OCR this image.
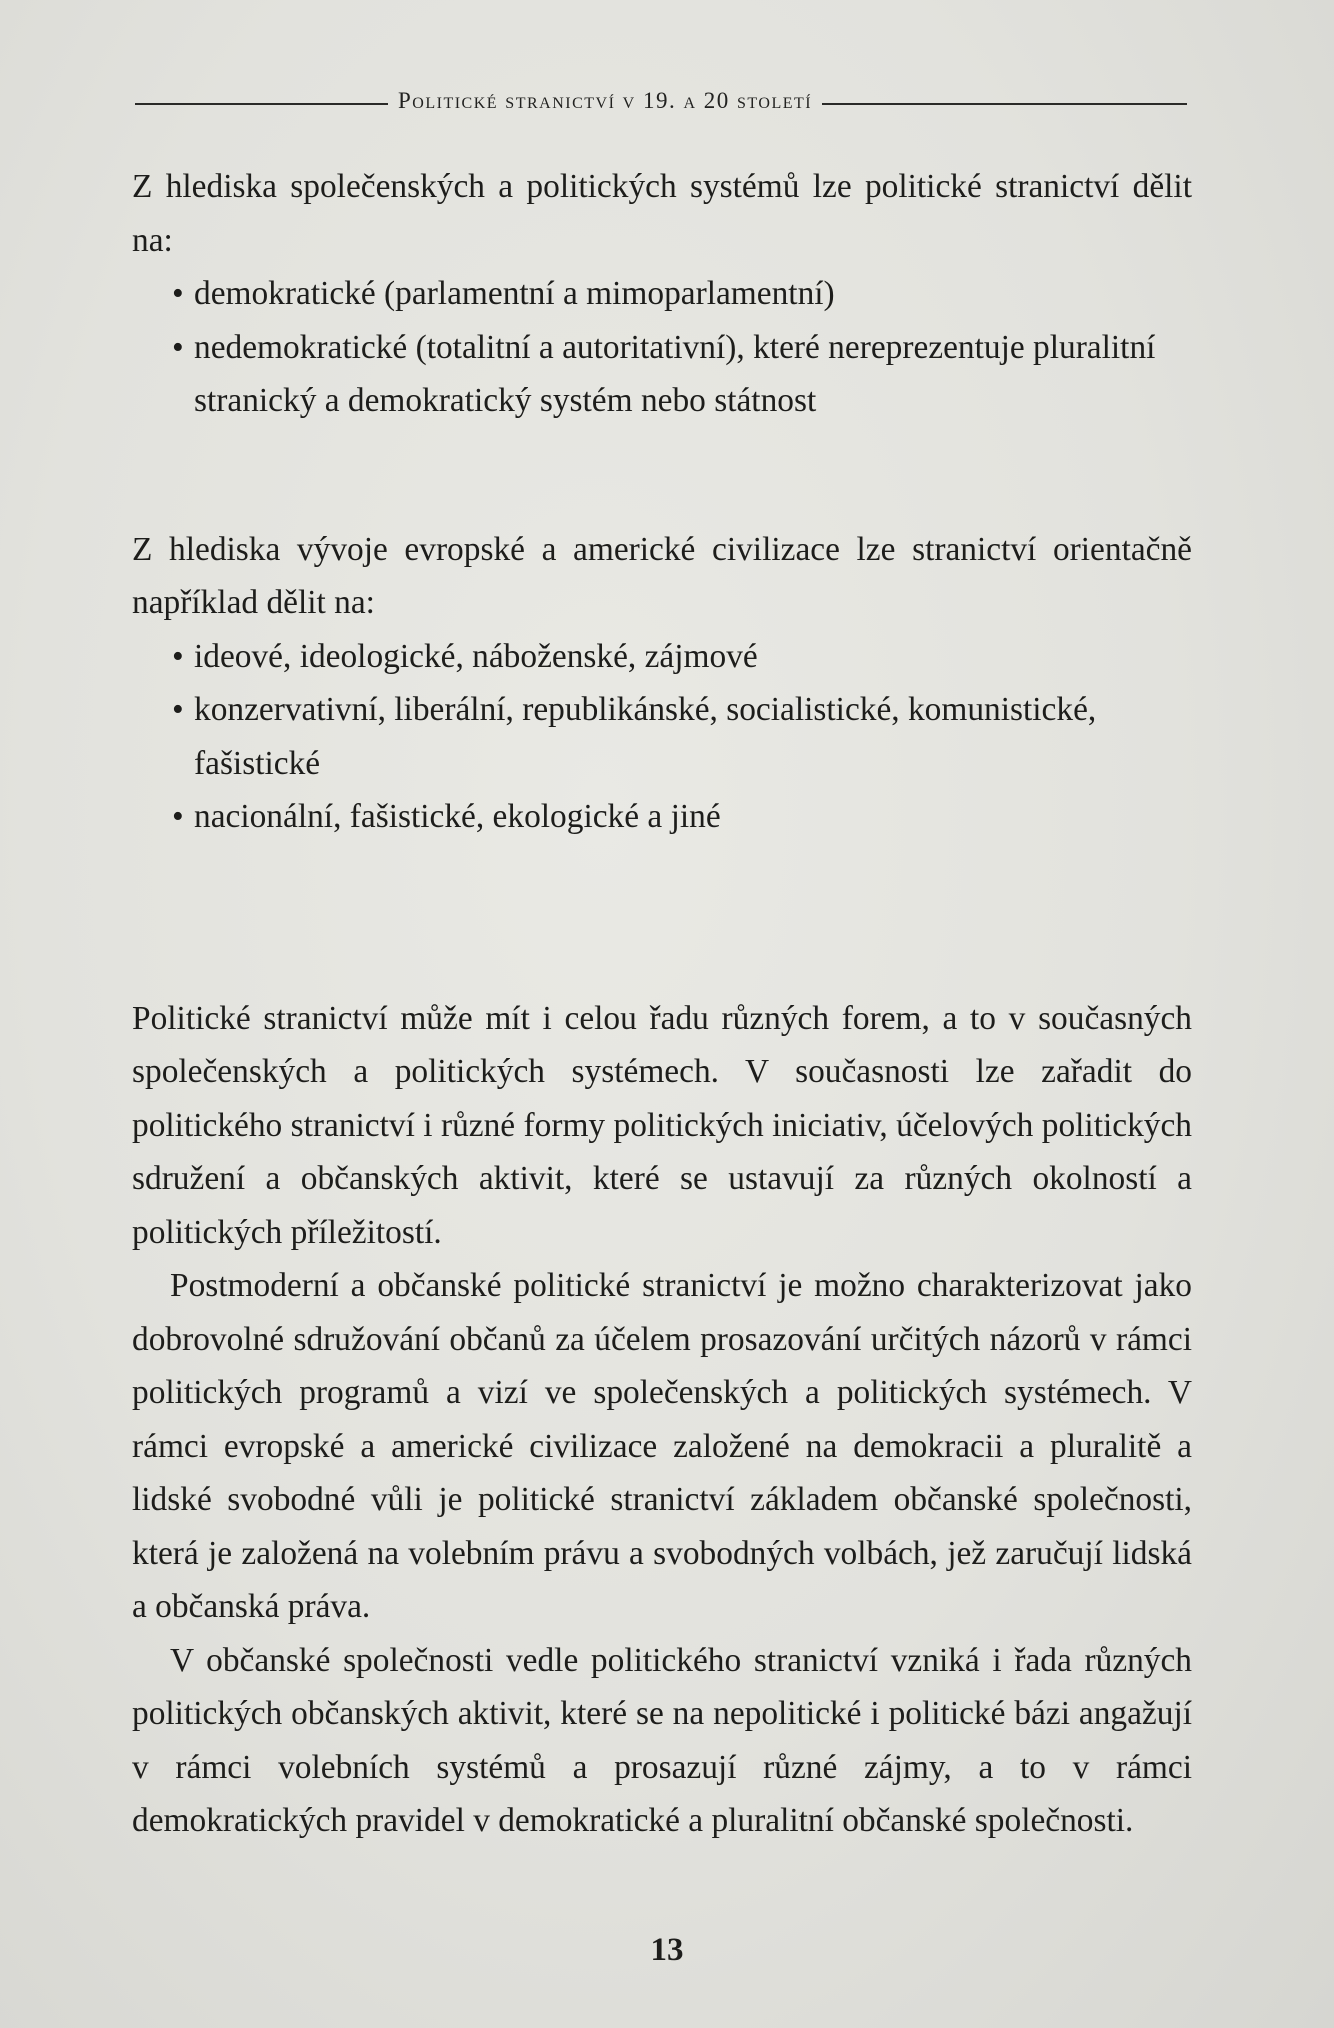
Politické stranictví v 19. a 20 století

Z hlediska společenských a politických systémů lze politické stranictví dělit na:

• demokratické (parlamentní a mimoparlamentní)
• nedemokratické (totalitní a autoritativní), které nereprezentuje pluralitní stranický a demokratický systém nebo státnost

Z hlediska vývoje evropské a americké civilizace lze stranictví orientačně například dělit na:

• ideové, ideologické, náboženské, zájmové
• konzervativní, liberální, republikánské, socialistické, komunistické, fašistické
• nacionální, fašistické, ekologické a jiné

Politické stranictví může mít i celou řadu různých forem, a to v současných společenských a politických systémech. V současnosti lze zařadit do politického stranictví i různé formy politických iniciativ, účelových politických sdružení a občanských aktivit, které se ustavují za různých okolností a politických příležitostí.

Postmoderní a občanské politické stranictví je možno charakterizovat jako dobrovolné sdružování občanů za účelem prosazování určitých názorů v rámci politických programů a vizí ve společenských a politických systémech. V rámci evropské a americké civilizace založené na demokracii a pluralitě a lidské svobodné vůli je politické stranictví základem občanské společnosti, která je založená na volebním právu a svobodných volbách, jež zaručují lidská a občanská práva.

V občanské společnosti vedle politického stranictví vzniká i řada různých politických občanských aktivit, které se na nepolitické i politické bázi angažují v rámci volebních systémů a prosazují různé zájmy, a to v rámci demokratických pravidel v demokratické a pluralitní občanské společnosti.

13
